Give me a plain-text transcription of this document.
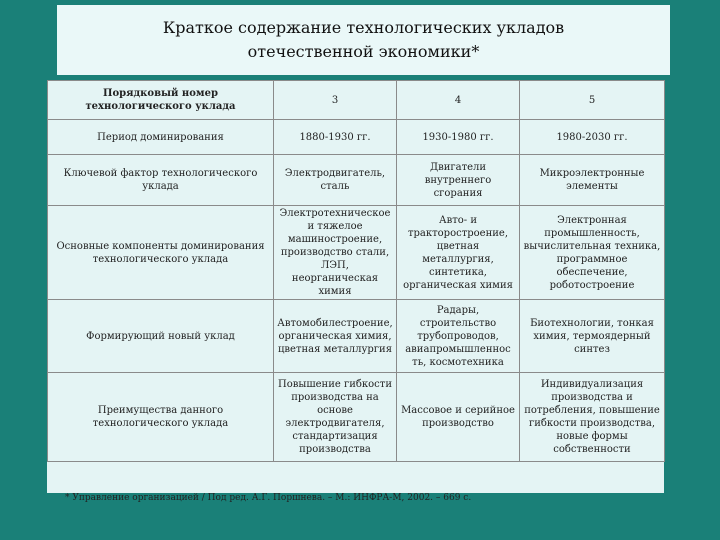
Краткое содержание технологических укладов отечественной экономики*
Порядковый номер технологического уклада	3	4	5
Период доминирования	1880-1930 гг.	1930-1980 гг.	1980-2030 гг.
Ключевой фактор технологического уклада	Электродвигатель, сталь	Двигатели внутреннего сгорания	Микроэлектронные элементы
Основные компоненты доминирования технологического уклада	Электротехническое и тяжелое машиностроение, производство стали, ЛЭП, неорганическая химия	Авто- и тракторостроение, цветная металлургия, синтетика, органическая химия	Электронная промышленность, вычислительная техника, программное обеспечение, роботостроение
Формирующий новый уклад	Автомобилестроение, органическая химия, цветная металлургия	Радары, строительство трубопроводов, авиапромышленнос ть, космотехника	Биотехнологии, тонкая химия, термоядерный синтез
Преимущества данного технологического уклада	Повышение гибкости производства на основе электродвигателя, стандартизация производства	Массовое и серийное производство	Индивидуализация производства и потребления, повышение гибкости производства, новые формы собственности
* Управление организацией / Под ред. А.Г. Поршнева. – М.: ИНФРА-М, 2002. – 669 с.
